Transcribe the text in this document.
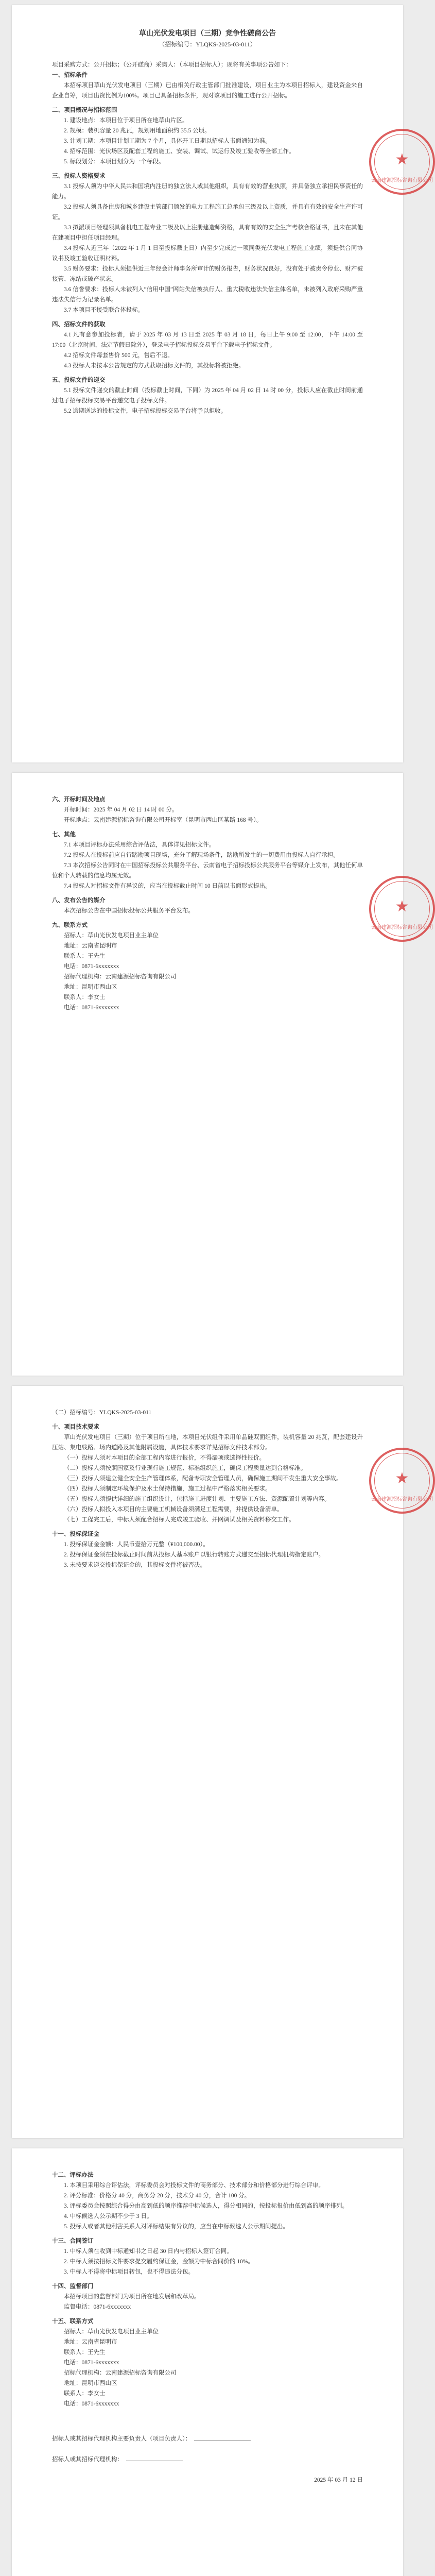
草山光伏发电项目（三期）竞争性磋商公告

（招标编号：YLQKS-2025-03-011）

项目采购方式：公开招标；（公开磋商）采购人：（本项目招标人）；现将有关事项公告如下：

一、招标条件

本招标项目草山光伏发电项目（三期）已由相关行政主管部门批准建设，项目业主为本项目招标人，建设资金来自企业自筹，项目出资比例为100%。项目已具备招标条件，现对该项目的施工进行公开招标。

二、项目概况与招标范围

1. 建设地点：本项目位于项目所在地草山片区。

2. 规模：装机容量 20 兆瓦，规划用地面积约 35.5 公顷。

3. 计划工期：本项目计划工期为 7 个月，具体开工日期以招标人书面通知为准。

4. 招标范围：光伏场区及配套工程的施工、安装、调试、试运行及竣工验收等全部工作。

5. 标段划分：本项目划分为一个标段。

三、投标人资格要求

3.1 投标人须为中华人民共和国境内注册的独立法人或其他组织，具有有效的营业执照，并具备独立承担民事责任的能力。

3.2 投标人须具备住房和城乡建设主管部门颁发的电力工程施工总承包三级及以上资质，并具有有效的安全生产许可证。

3.3 拟派项目经理须具备机电工程专业二级及以上注册建造师资格，具有有效的安全生产考核合格证书，且未在其他在建项目中担任项目经理。

3.4 投标人近三年（2022 年 1 月 1 日至投标截止日）内至少完成过一项同类光伏发电工程施工业绩，须提供合同协议书及竣工验收证明材料。

3.5 财务要求：投标人须提供近三年经会计师事务所审计的财务报告，财务状况良好，没有处于被责令停业、财产被接管、冻结或破产状态。

3.6 信誉要求：投标人未被列入“信用中国”网站失信被执行人、重大税收违法失信主体名单，未被列入政府采购严重违法失信行为记录名单。

3.7 本项目不接受联合体投标。

四、招标文件的获取

4.1 凡有意参加投标者，请于 2025 年 03 月 13 日至 2025 年 03 月 18 日，每日上午 9:00 至 12:00，下午 14:00 至 17:00（北京时间，法定节假日除外），登录电子招标投标交易平台下载电子招标文件。

4.2 招标文件每套售价 500 元，售后不退。

4.3 投标人未按本公告规定的方式获取招标文件的，其投标将被拒绝。

五、投标文件的递交

5.1 投标文件递交的截止时间（投标截止时间，下同）为 2025 年 04 月 02 日 14 时 00 分，投标人应在截止时间前通过电子招标投标交易平台递交电子投标文件。

5.2 逾期送达的投标文件，电子招标投标交易平台将予以拒收。

★
云南建源招标咨询有限公司

六、开标时间及地点

开标时间：2025 年 04 月 02 日 14 时 00 分。

开标地点：云南建源招标咨询有限公司开标室（昆明市西山区某路 168 号）。

七、其他

7.1 本项目评标办法采用综合评估法，具体详见招标文件。

7.2 投标人在投标前应自行踏勘项目现场，充分了解现场条件，踏勘所发生的一切费用由投标人自行承担。

7.3 本次招标公告同时在中国招标投标公共服务平台、云南省电子招标投标公共服务平台等媒介上发布，其他任何单位和个人转载的信息均属无效。

7.4 投标人对招标文件有异议的，应当在投标截止时间 10 日前以书面形式提出。

八、发布公告的媒介

本次招标公告在中国招标投标公共服务平台发布。

九、联系方式

招标人：草山光伏发电项目业主单位

地址：云南省昆明市

联系人：王先生

电话：0871-6xxxxxxx

招标代理机构：云南建源招标咨询有限公司

地址：昆明市西山区

联系人：李女士

电话：0871-6xxxxxxx

★
云南建源招标咨询有限公司

（二）招标编号：YLQKS-2025-03-011

十、项目技术要求

草山光伏发电项目（三期）位于项目所在地，本项目光伏组件采用单晶硅双面组件，装机容量 20 兆瓦，配套建设升压站、集电线路、场内道路及其他附属设施，具体技术要求详见招标文件技术部分。

（一）投标人须对本项目的全部工程内容进行报价，不得漏项或选择性报价。

（二）投标人须按照国家及行业现行施工规范、标准组织施工，确保工程质量达到合格标准。

（三）投标人须建立健全安全生产管理体系，配备专职安全管理人员，确保施工期间不发生重大安全事故。

（四）投标人须制定环境保护及水土保持措施，施工过程中严格落实相关要求。

（五）投标人须提供详细的施工组织设计，包括施工进度计划、主要施工方法、资源配置计划等内容。

（六）投标人拟投入本项目的主要施工机械设备须满足工程需要，并提供设备清单。

（七）工程完工后，中标人须配合招标人完成竣工验收、并网调试及相关资料移交工作。

十一、投标保证金

1. 投标保证金金额：人民币壹拾万元整（¥100,000.00）。

2. 投标保证金须在投标截止时间前从投标人基本账户以银行转账方式递交至招标代理机构指定账户。

3. 未按要求递交投标保证金的，其投标文件将被否决。

★
云南建源招标咨询有限公司

十二、评标办法

1. 本项目采用综合评估法，评标委员会对投标文件的商务部分、技术部分和价格部分进行综合评审。

2. 评分标准：价格分 40 分，商务分 20 分，技术分 40 分，合计 100 分。

3. 评标委员会按照综合得分由高到低的顺序推荐中标候选人，得分相同的，按投标报价由低到高的顺序排列。

4. 中标候选人公示期不少于 3 日。

5. 投标人或者其他利害关系人对评标结果有异议的，应当在中标候选人公示期间提出。

十三、合同签订

1. 中标人须在收到中标通知书之日起 30 日内与招标人签订合同。

2. 中标人须按招标文件要求提交履约保证金，金额为中标合同价的 10%。

3. 中标人不得将中标项目转包，也不得违法分包。

十四、监督部门

本招标项目的监督部门为项目所在地发展和改革局。

监督电话：0871-6xxxxxxx

十五、联系方式

招标人：草山光伏发电项目业主单位

地址：云南省昆明市

联系人：王先生

电话：0871-6xxxxxxx

招标代理机构：云南建源招标咨询有限公司

地址：昆明市西山区

联系人：李女士

电话：0871-6xxxxxxx

招标人或其招标代理机构主要负责人（项目负责人）：

招标人或其招标代理机构：

2025 年 03 月 12 日
